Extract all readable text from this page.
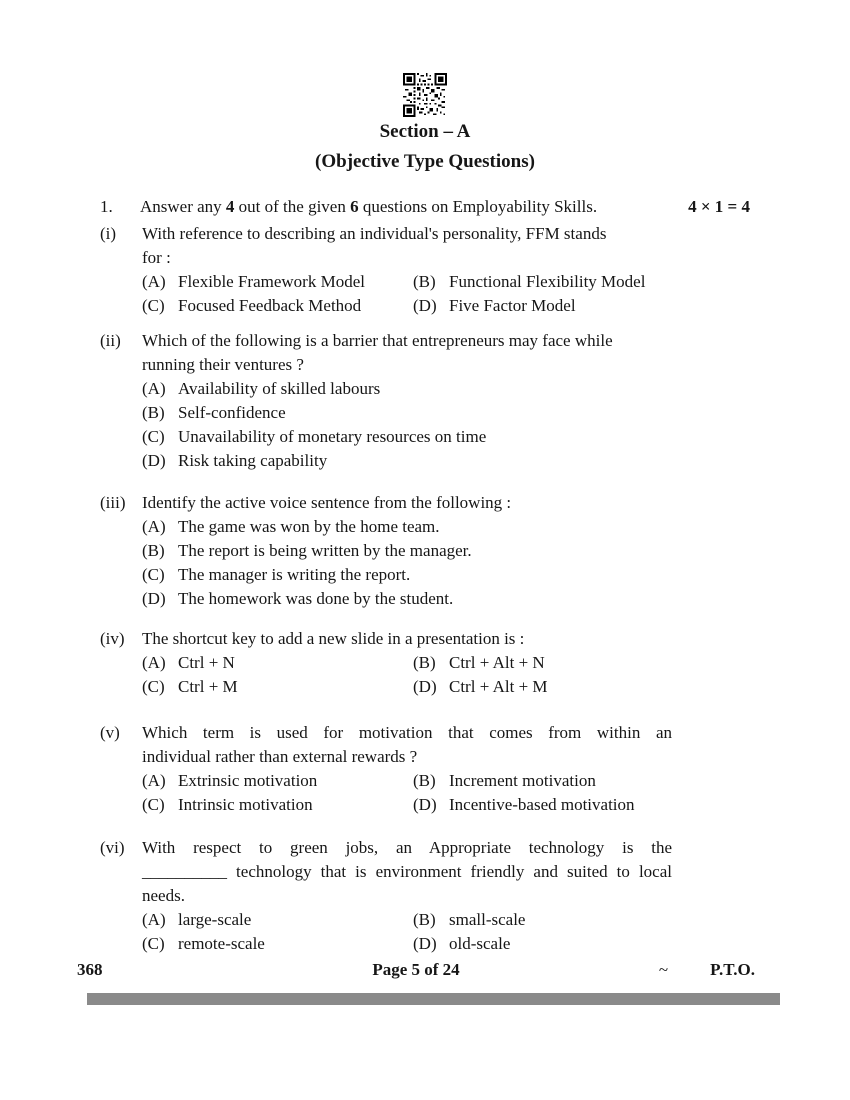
Section – A
(Objective Type Questions)
1.	Answer any 4 out of the given 6 questions on Employability Skills.	4 × 1 = 4
(i)	With reference to describing an individual's personality, FFM stands
for :
(A) Flexible Framework Model	(B) Functional Flexibility Model
(C) Focused Feedback Method	(D) Five Factor Model
(ii)	Which of the following is a barrier that entrepreneurs may face while
running their ventures ?
(A) Availability of skilled labours
(B) Self-confidence
(C) Unavailability of monetary resources on time
(D) Risk taking capability
(iii) Identify the active voice sentence from the following :
(A) The game was won by the home team.
(B) The report is being written by the manager.
(C) The manager is writing the report.
(D) The homework was done by the student.
(iv)	The shortcut key to add a new slide in a presentation is :
(A) Ctrl + N	(B) Ctrl + Alt + N
(C) Ctrl + M	(D) Ctrl + Alt + M
(v)	Which term is used for motivation that comes from within an
individual rather than external rewards ?
(A) Extrinsic motivation	(B) Increment motivation
(C) Intrinsic motivation	(D) Incentive-based motivation
(vi)	With respect to green jobs, an Appropriate technology is the
__________ technology that is environment friendly and suited to local
needs.
(A) large-scale	(B) small-scale
(C) remote-scale	(D) old-scale
368	Page 5 of 24	~ P.T.O.
